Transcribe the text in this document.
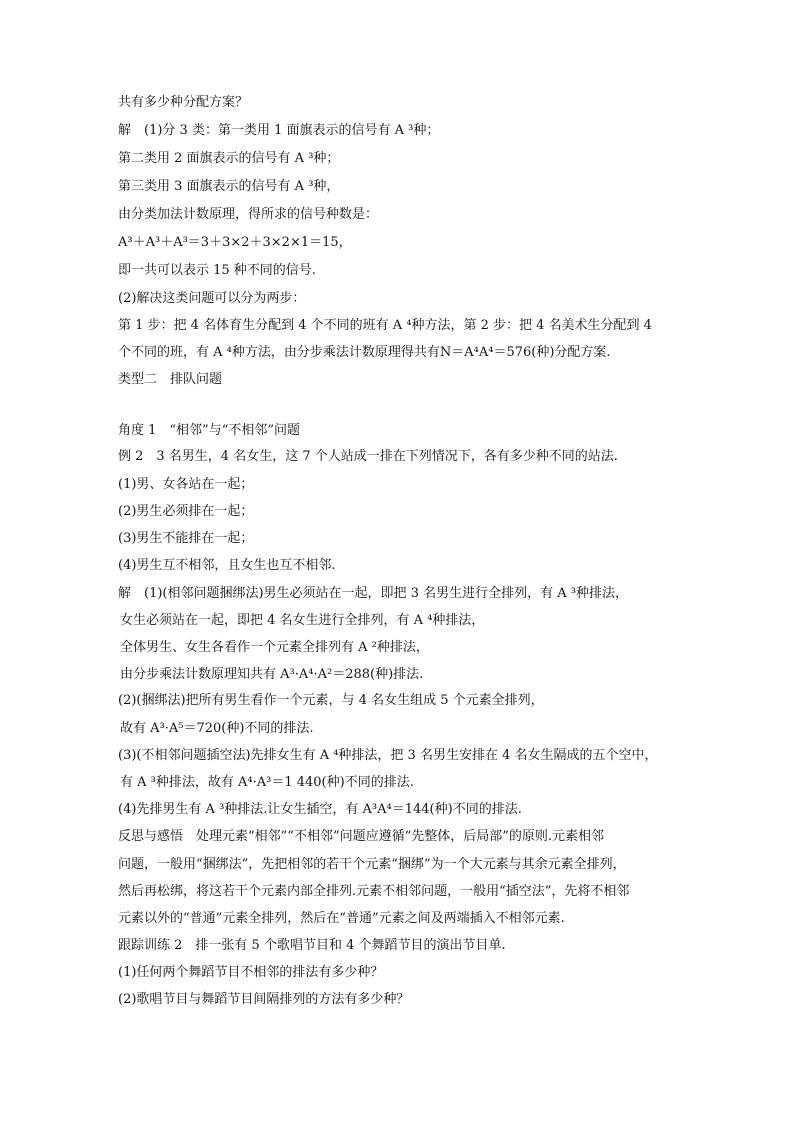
共有多少种分配方案？
解　(1)分 3 类：第一类用 1 面旗表示的信号有 A ³种；
第二类用 2 面旗表示的信号有 A ³种；
第三类用 3 面旗表示的信号有 A ³种，
由分类加法计数原理，得所求的信号种数是：
A³＋A³＋A³＝3＋3×2＋3×2×1＝15，
即一共可以表示 15 种不同的信号.
(2)解决这类问题可以分为两步：
第 1 步：把 4 名体育生分配到 4 个不同的班有 A ⁴种方法，第 2 步：把 4 名美术生分配到 4
个不同的班，有 A ⁴种方法，由分步乘法计数原理得共有N＝A⁴A⁴＝576(种)分配方案.
类型二　排队问题
角度 1　“相邻”与“不相邻”问题
例 2　3 名男生，4 名女生，这 7 个人站成一排在下列情况下，各有多少种不同的站法.
(1)男、女各站在一起；
(2)男生必须排在一起；
(3)男生不能排在一起；
(4)男生互不相邻，且女生也互不相邻.
解　(1)(相邻问题捆绑法)男生必须站在一起，即把 3 名男生进行全排列，有 A ³种排法，
女生必须站在一起，即把 4 名女生进行全排列，有 A ⁴种排法，
全体男生、女生各看作一个元素全排列有 A ²种排法，
由分步乘法计数原理知共有 A³·A⁴·A²＝288(种)排法.
(2)(捆绑法)把所有男生看作一个元素，与 4 名女生组成 5 个元素全排列，
故有 A³·A⁵＝720(种)不同的排法.
(3)(不相邻问题插空法)先排女生有 A ⁴种排法，把 3 名男生安排在 4 名女生隔成的五个空中，
有 A ³种排法，故有 A⁴·A³＝1 440(种)不同的排法.
(4)先排男生有 A ³种排法.让女生插空，有 A³A⁴＝144(种)不同的排法.
反思与感悟　处理元素“相邻”“不相邻”问题应遵循“先整体，后局部”的原则.元素相邻
问题，一般用“捆绑法”，先把相邻的若干个元素“捆绑”为一个大元素与其余元素全排列，
然后再松绑，将这若干个元素内部全排列.元素不相邻问题，一般用“插空法”，先将不相邻
元素以外的“普通”元素全排列，然后在“普通”元素之间及两端插入不相邻元素.
跟踪训练 2　排一张有 5 个歌唱节目和 4 个舞蹈节目的演出节目单.
(1)任何两个舞蹈节目不相邻的排法有多少种？
(2)歌唱节目与舞蹈节目间隔排列的方法有多少种？
